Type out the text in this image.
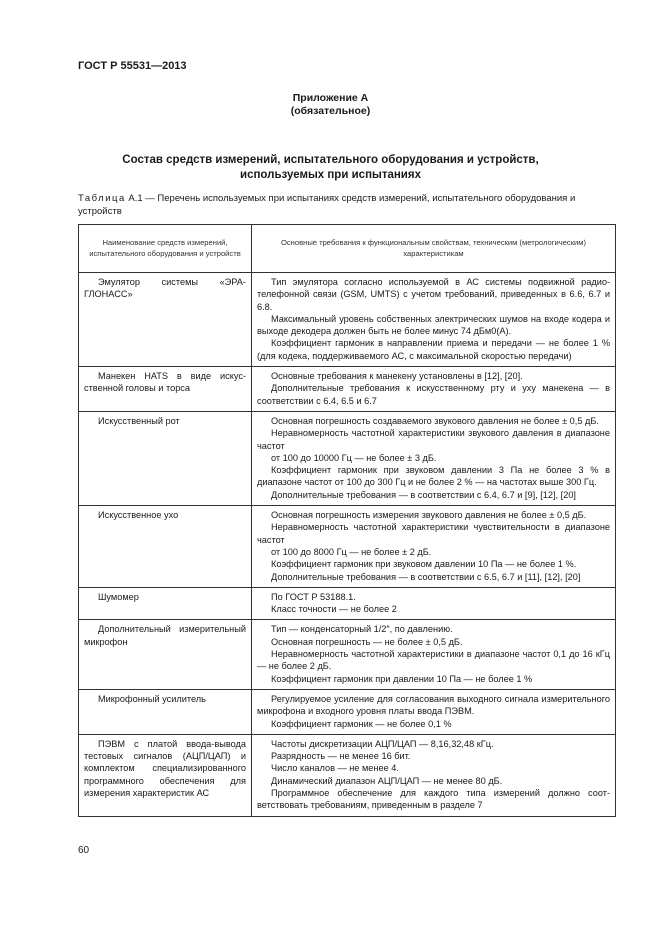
ГОСТ Р 55531—2013
Приложение А
(обязательное)
Состав средств измерений, испытательного оборудования и устройств, используемых при испытаниях
Таблица А.1 — Перечень используемых при испытаниях средств измерений, испытательного оборудования и устройств
Наименование средств измерений, испытательного оборудования и устройств	Основные требования к функциональным свойствам, техническим (метрологическим) характеристикам

Эмулятор системы «ЭРА-ГЛОНАСС»	Тип эмулятора согласно используемой в АС системы подвижной радиотелефонной связи (GSM, UMTS) с учетом требований, приведенных в 6.6, 6.7 и 6.8.

Максимальный уровень собственных электрических шумов на входе кодера и выходе декодера должен быть не более минус 74 дБм0(А).

Коэффициент гармоник в направлении приема и передачи — не более 1 % (для кодека, поддерживаемого АС, с максимальной скоростью передачи)

Манекен HATS в виде искусственной головы и торса	Основные требования к манекену установлены в [12], [20].

Дополнительные требования к искусственному рту и уху манекена — в соответствии с 6.4, 6.5 и 6.7

Искусственный рот	Основная погрешность создаваемого звукового давления не более ± 0,5 дБ.

Неравномерность частотной характеристики звукового давления в диапазоне частот

от 100 до 10000 Гц — не более ± 3 дБ.

Коэффициент гармоник при звуковом давлении 3 Па не более 3 % в диапазоне частот от 100 до 300 Гц и не более 2 % — на частотах выше 300 Гц.

Дополнительные требования — в соответствии с 6.4, 6.7 и [9], [12], [20]

Искусственное ухо	Основная погрешность измерения звукового давления не более ± 0,5 дБ.

Неравномерность частотной характеристики чувствительности в диапазоне частот

от 100 до 8000 Гц — не более ± 2 дБ.

Коэффициент гармоник при звуковом давлении 10 Па — не более 1 %.

Дополнительные требования — в соответствии с 6.5, 6.7 и [11], [12], [20]

Шумомер	По ГОСТ Р 53188.1.

Класс точности — не более 2

Дополнительный измерительный микрофон	Тип — конденсаторный 1/2″, по давлению.

Основная погрешность — не более ± 0,5 дБ.

Неравномерность частотной характеристики в диапазоне частот 0,1 до 16 кГц — не более 2 дБ.

Коэффициент гармоник при давлении 10 Па — не более 1 %

Микрофонный усилитель	Регулируемое усиление для согласования выходного сигнала измерительного микрофона и входного уровня платы ввода ПЭВМ.

Коэффициент гармоник — не более 0,1 %

ПЭВМ с платой ввода-вывода тестовых сигналов (АЦП/ЦАП) и комплектом специализированного программного обеспечения для измерения характеристик АС	Частоты дискретизации АЦП/ЦАП — 8,16,32,48 кГц.

Разрядность — не менее 16 бит.

Число каналов — не менее 4.

Динамический диапазон АЦП/ЦАП — не менее 80 дБ.

Программное обеспечение для каждого типа измерений должно соответствовать требованиям, приведенным в разделе 7

60
